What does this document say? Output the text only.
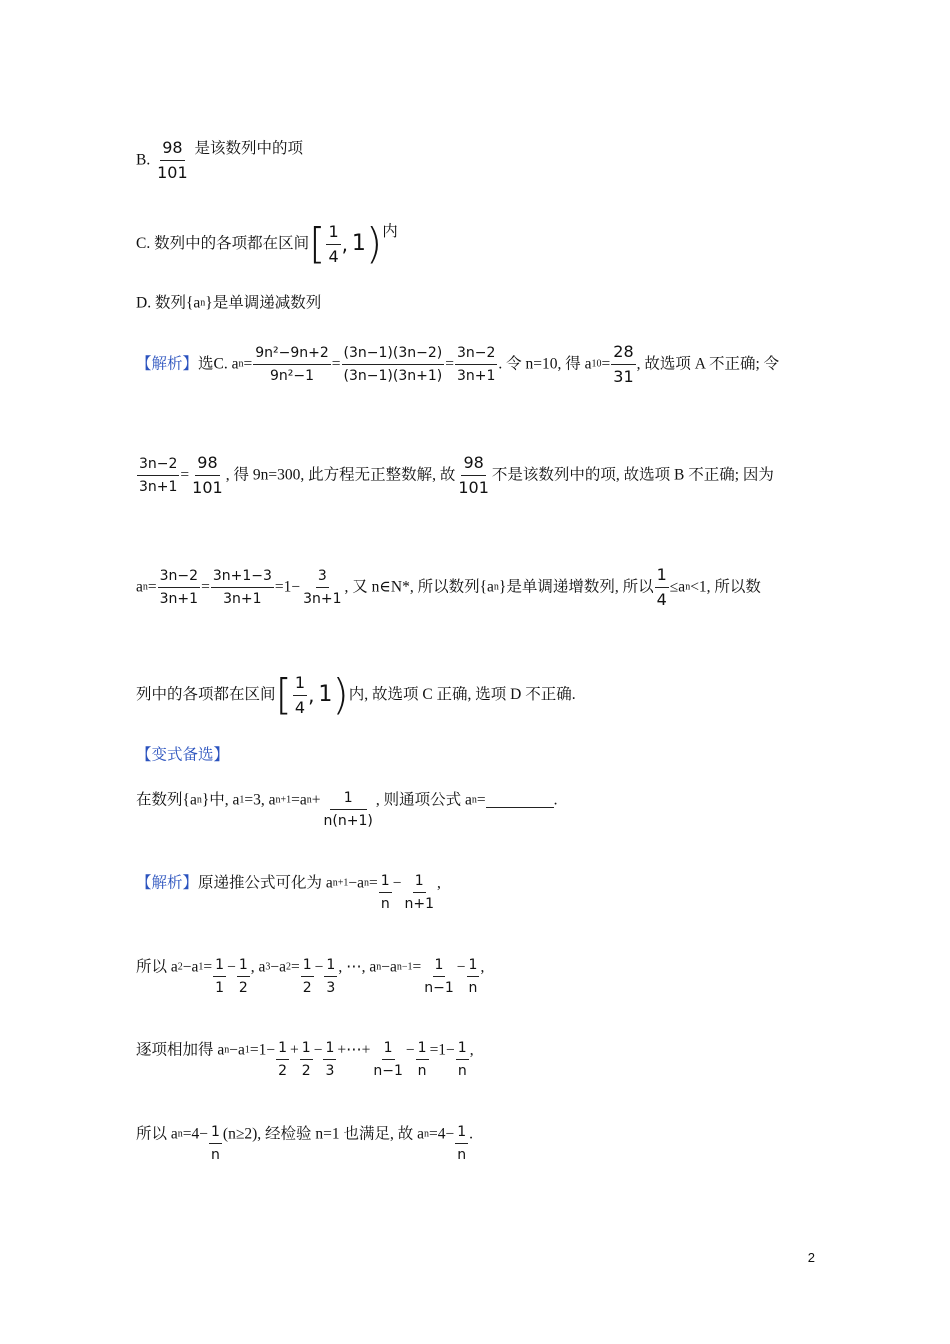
B. $\frac{98}{101}$ 是该数列中的项
C. 数列中的各项都在区间[ $\frac{1}{4}$ , 1)内
D. 数列{an}是单调递减数列
【解析】选C. $an= \frac{\text{9n²−9n+2}}{\text{9n²−1}} = \frac{(3n-1)(3n-2)}{(3n-1)(3n+1)} = \frac{3n-2}{3n+1}$ . 令 n=10, 得 $a10= \frac{28}{31}$ , 故选项 A 不正确; 令
$\frac{3n-2}{3n+1} = \frac{98}{101}$ , 得 9n=300, 此方程无正整数解, 故 $\frac{98}{101}$ 不是该数列中的项, 故选项 B 不正确; 因为
$an= \frac{3n-2}{3n+1} = \frac{3n+1-3}{3n+1} =1- \frac{3}{3n+1}$ , 又 n∈N*, 所以数列{an}是单调递增数列, 所以 $\frac{1}{4} \le an<1$, 所以数
列中的各项都在区间[ $\frac{1}{4}$ , 1)内, 故选项 C 正确, 选项 D 不正确.
【变式备选】
在数列{an}中, a1=3, $an+1=an+ \frac{1}{n(n+1)}$ , 则通项公式 an=	.
【解析】原递推公式可化为 $an+1-an= \frac{1}{n} - \frac{1}{n+1}$ ,
所以 $a2-a1= \frac{1}{1} - \frac{1}{2}$ , $a3-a2= \frac{1}{2} - \frac{1}{3}$ , ⋯, $an-an-1= \frac{1}{n-1} - \frac{1}{n}$ ,
逐项相加得 $an-a1=1- \frac{1}{2} + \frac{1}{2} - \frac{1}{3}$ +⋯+ $\frac{1}{n-1} - \frac{1}{n} =1- \frac{1}{n}$ ,
所以 $an=4- \frac{1}{n} (n\ge 2)$, 经检验 n=1 也满足, 故 $an=4- \frac{1}{n}$ .
2
